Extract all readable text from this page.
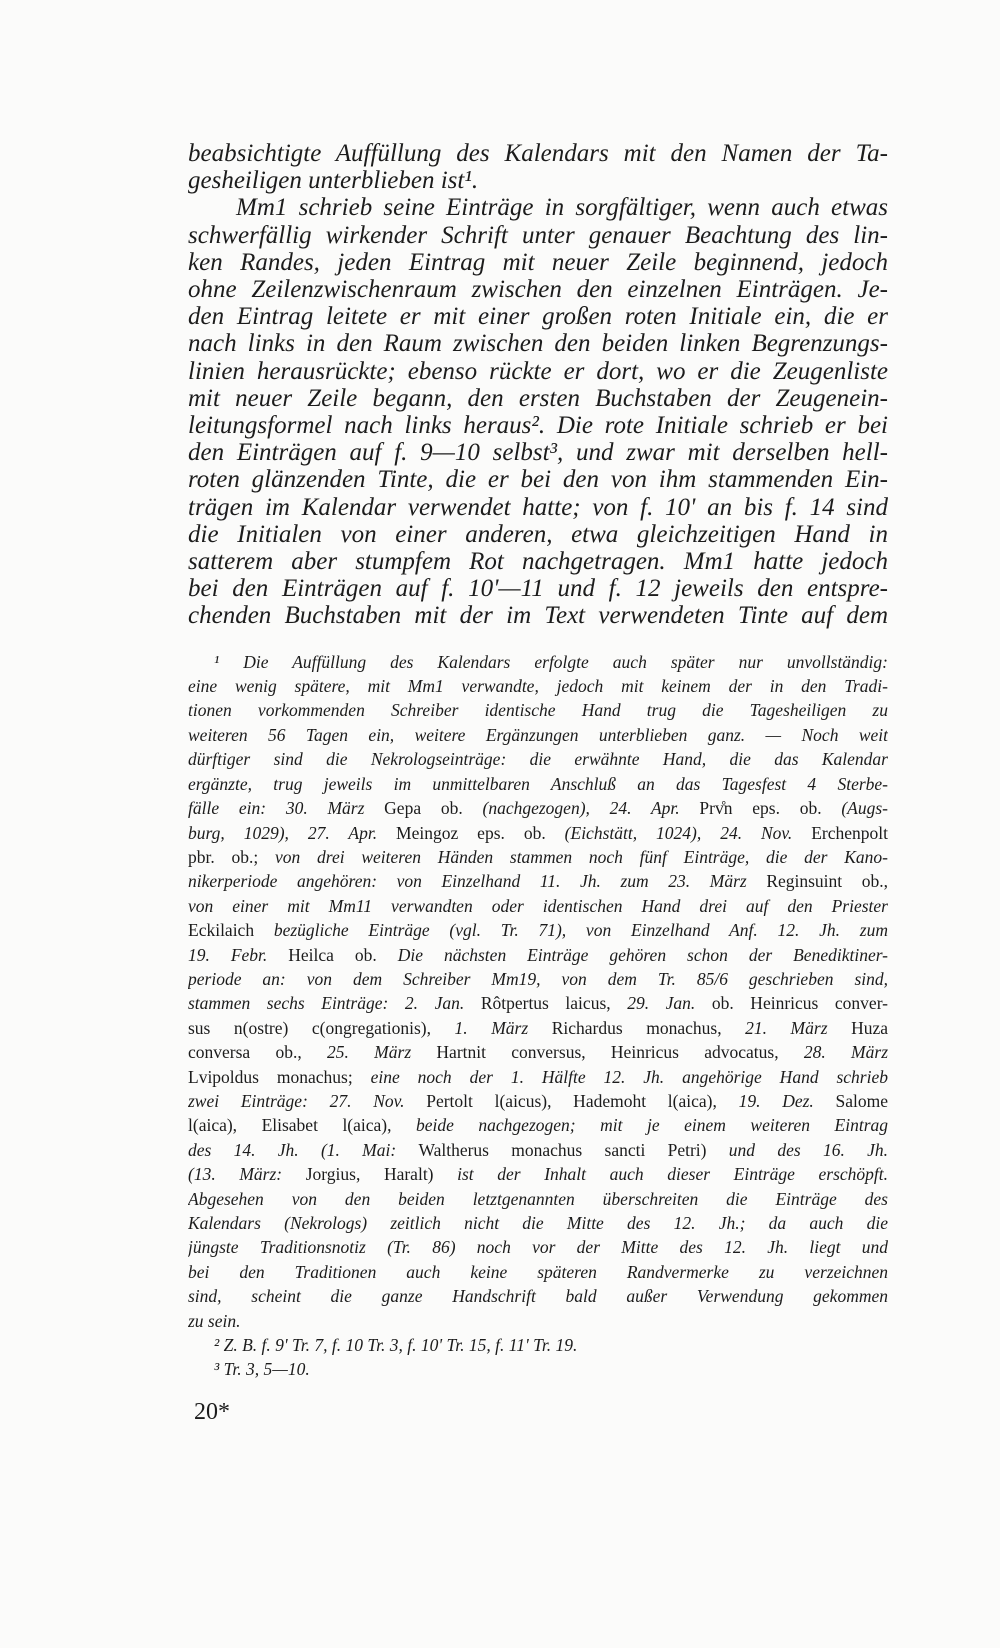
beabsichtigte Auffüllung des Kalendars mit den Namen der Ta-
gesheiligen unterblieben ist¹.
Mm1 schrieb seine Einträge in sorgfältiger, wenn auch etwas
schwerfällig wirkender Schrift unter genauer Beachtung des lin-
ken Randes, jeden Eintrag mit neuer Zeile beginnend, jedoch
ohne Zeilenzwischenraum zwischen den einzelnen Einträgen. Je-
den Eintrag leitete er mit einer großen roten Initiale ein, die er
nach links in den Raum zwischen den beiden linken Begrenzungs-
linien herausrückte; ebenso rückte er dort, wo er die Zeugenliste
mit neuer Zeile begann, den ersten Buchstaben der Zeugenein-
leitungsformel nach links heraus². Die rote Initiale schrieb er bei
den Einträgen auf f. 9—10 selbst³, und zwar mit derselben hell-
roten glänzenden Tinte, die er bei den von ihm stammenden Ein-
trägen im Kalendar verwendet hatte; von f. 10' an bis f. 14 sind
die Initialen von einer anderen, etwa gleichzeitigen Hand in
satterem aber stumpfem Rot nachgetragen. Mm1 hatte jedoch
bei den Einträgen auf f. 10'—11 und f. 12 jeweils den entspre-
chenden Buchstaben mit der im Text verwendeten Tinte auf dem
¹ Die Auffüllung des Kalendars erfolgte auch später nur unvollständig:
eine wenig spätere, mit Mm1 verwandte, jedoch mit keinem der in den Tradi-
tionen vorkommenden Schreiber identische Hand trug die Tagesheiligen zu
weiteren 56 Tagen ein, weitere Ergänzungen unterblieben ganz. — Noch weit
dürftiger sind die Nekrologseinträge: die erwähnte Hand, die das Kalendar
ergänzte, trug jeweils im unmittelbaren Anschluß an das Tagesfest 4 Sterbe-
fälle ein: 30. März Gepa ob. (nachgezogen), 24. Apr. Prv̊n eps. ob. (Augs-
burg, 1029), 27. Apr. Meingoz eps. ob. (Eichstätt, 1024), 24. Nov. Erchenpolt
pbr. ob.; von drei weiteren Händen stammen noch fünf Einträge, die der Kano-
nikerperiode angehören: von Einzelhand 11. Jh. zum 23. März Reginsuint ob.,
von einer mit Mm11 verwandten oder identischen Hand drei auf den Priester
Eckilaich bezügliche Einträge (vgl. Tr. 71), von Einzelhand Anf. 12. Jh. zum
19. Febr. Heilca ob. Die nächsten Einträge gehören schon der Benediktiner-
periode an: von dem Schreiber Mm19, von dem Tr. 85/6 geschrieben sind,
stammen sechs Einträge: 2. Jan. Rôtpertus laicus, 29. Jan. ob. Heinricus conver-
sus n(ostre) c(ongregationis), 1. März Richardus monachus, 21. März Huza
conversa ob., 25. März Hartnit conversus, Heinricus advocatus, 28. März
Lvipoldus monachus; eine noch der 1. Hälfte 12. Jh. angehörige Hand schrieb
zwei Einträge: 27. Nov. Pertolt l(aicus), Hademoht l(aica), 19. Dez. Salome
l(aica), Elisabet l(aica), beide nachgezogen; mit je einem weiteren Eintrag
des 14. Jh. (1. Mai: Waltherus monachus sancti Petri) und des 16. Jh.
(13. März: Jorgius, Haralt) ist der Inhalt auch dieser Einträge erschöpft.
Abgesehen von den beiden letztgenannten überschreiten die Einträge des
Kalendars (Nekrologs) zeitlich nicht die Mitte des 12. Jh.; da auch die
jüngste Traditionsnotiz (Tr. 86) noch vor der Mitte des 12. Jh. liegt und
bei den Traditionen auch keine späteren Randvermerke zu verzeichnen
sind, scheint die ganze Handschrift bald außer Verwendung gekommen
zu sein.
² Z. B. f. 9' Tr. 7, f. 10 Tr. 3, f. 10' Tr. 15, f. 11' Tr. 19.
³ Tr. 3, 5—10.
20*
